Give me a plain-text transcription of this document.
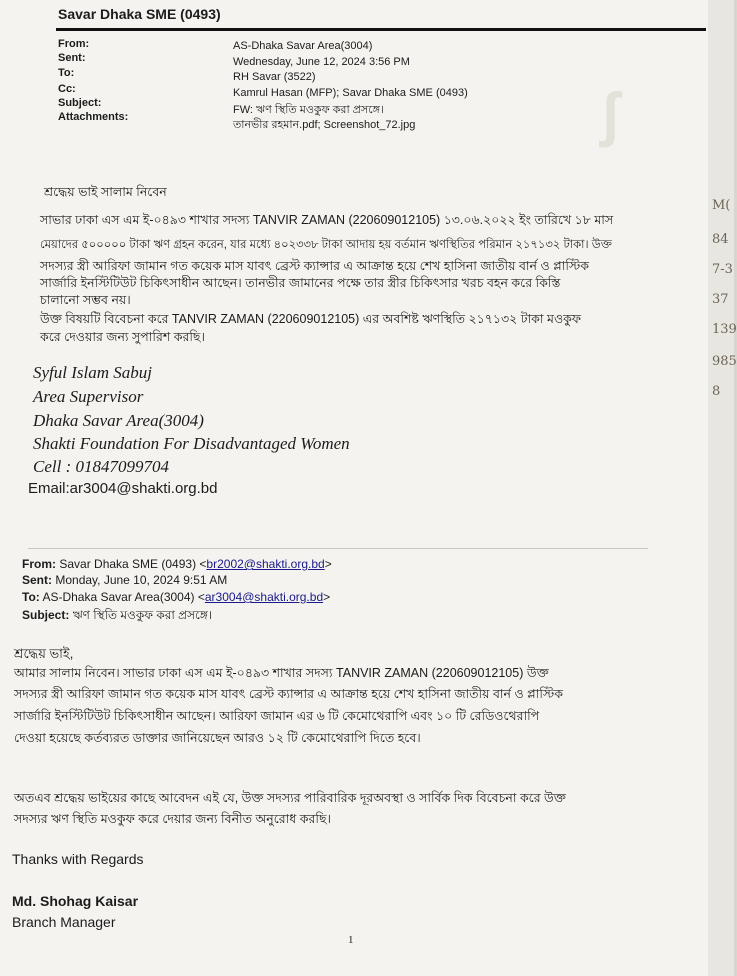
ʃ
Savar Dhaka SME (0493)
From:	AS-Dhaka Savar Area(3004)
Sent:	Wednesday, June 12, 2024 3:56 PM
To:	RH Savar (3522)
Cc:	Kamrul Hasan (MFP); Savar Dhaka SME (0493)
Subject:
FW: ঋণ স্থিতি মওকুফ করা প্রসঙ্গে।
Attachments:
তানভীর রহমান.pdf; Screenshot_72.jpg
শ্রদ্ধেয় ভাই সালাম নিবেন
সাভার ঢাকা এস এম ই-০৪৯৩ শাখার সদস্য TANVIR ZAMAN (220609012105) ১৩.০৬.২০২২ ইং তারিখে ১৮ মাস
মেয়াদের ৫০০০০০ টাকা ঋণ গ্রহন করেন, যার মধ্যে ৪০২৩৩৮ টাকা আদায় হয় বর্তমান ঋণস্থিতির পরিমান ২১৭১৩২ টাকা। উক্ত
সদস্যর স্ত্রী আরিফা জামান গত কয়েক মাস যাবৎ ব্রেস্ট ক্যান্সার এ আক্রান্ত হয়ে শেখ হাসিনা জাতীয় বার্ন ও প্লাস্টিক
সার্জারি ইনস্টিটিউট চিকিৎসাধীন আছেন। তানভীর জামানের পক্ষে তার স্ত্রীর চিকিৎসার খরচ বহন করে কিস্তি
চালানো সম্ভব নয়।
উক্ত বিষয়টি বিবেচনা করে TANVIR ZAMAN (220609012105) এর অবশিষ্ট ঋণস্থিতি ২১৭১৩২ টাকা মওকুফ
করে দেওয়ার জন্য সুপারিশ করছি।
Syful Islam Sabuj
Area Supervisor
Dhaka Savar Area(3004)
Shakti Foundation For Disadvantaged Women
Cell : 01847099704
Email:ar3004@shakti.org.bd
From: Savar Dhaka SME (0493) <br2002@shakti.org.bd>
Sent: Monday, June 10, 2024 9:51 AM
To: AS-Dhaka Savar Area(3004) <ar3004@shakti.org.bd>
Subject: ঋণ স্থিতি মওকুফ করা প্রসঙ্গে।
শ্রদ্ধেয় ভাই,
আমার সালাম নিবেন। সাভার ঢাকা এস এম ই-০৪৯৩ শাখার সদস্য TANVIR ZAMAN (220609012105) উক্ত
সদস্যর স্ত্রী আরিফা জামান গত কয়েক মাস যাবৎ ব্রেস্ট ক্যান্সার এ আক্রান্ত হয়ে শেখ হাসিনা জাতীয় বার্ন ও প্লাস্টিক
সার্জারি ইনস্টিটিউট চিকিৎসাধীন আছেন। আরিফা জামান এর ৬ টি কেমোথেরাপি এবং ১০ টি রেডিওথেরাপি
দেওয়া হয়েছে কর্তব্যরত ডাক্তার জানিয়েছেন আরও ১২ টি কেমোথেরাপি দিতে হবে।
অতএব শ্রদ্ধেয় ভাইয়ের কাছে আবেদন এই যে, উক্ত সদস্যর পারিবারিক দূরঅবস্থা ও সার্বিক দিক বিবেচনা করে উক্ত
সদস্যর ঋণ স্থিতি মওকুফ করে দেয়ার জন্য বিনীত অনুরোধ করছি।
Thanks with Regards
Md. Shohag Kaisar
Branch Manager
1
M(
84
7-3
37
139
985
8
